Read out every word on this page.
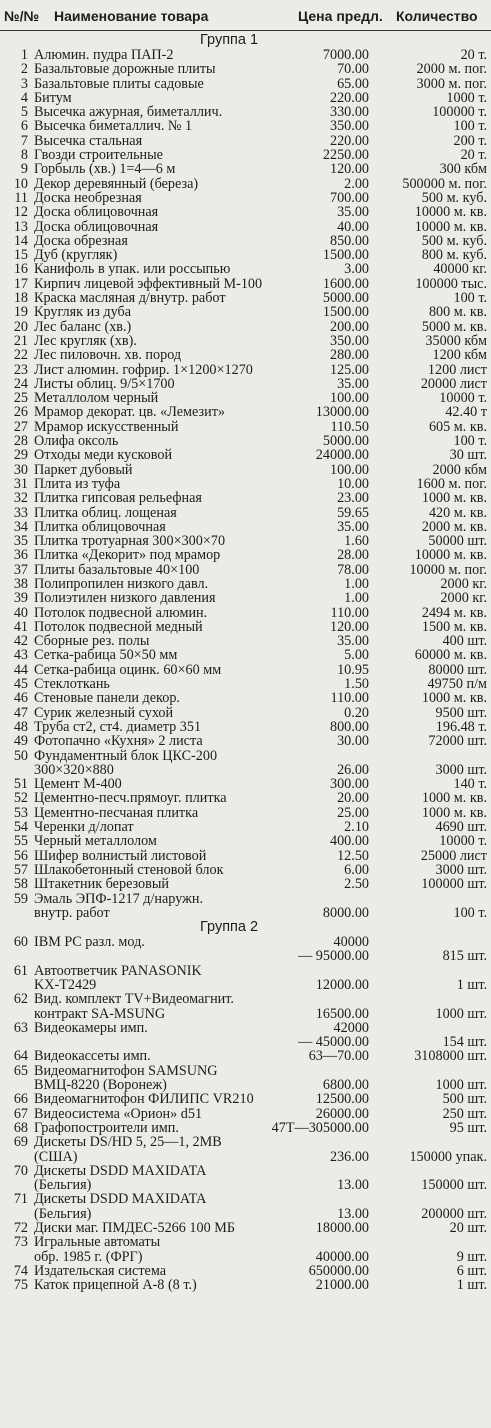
№/№ Наименование товара	Цена предл. Количество
Группа 1
1 Алюмин. пудра ПАП-2	7000.00	20 т.
2 Базальтовые дорожные плиты	70.00	2000 м. пог.
3 Базальтовые плиты садовые	65.00	3000 м. пог.
4 Битум	220.00	1000 т.
5 Высечка ажурная, биметаллич.	330.00	100000 т.
6 Высечка биметаллич. № 1	350.00	100 т.
7 Высечка стальная	220.00	200 т.
8 Гвозди строительные	2250.00	20 т.
9 Горбыль (хв.) 1=4—6 м	120.00	300 кбм
10 Декор деревянный (береза)	2.00 500000 м. пог.
11 Доска необрезная	700.00	500 м. куб.
12 Доска облицовочная	35.00	10000 м. кв.
13 Доска облицовочная	40.00	10000 м. кв.
14 Доска обрезная	850.00	500 м. куб.
15 Дуб (кругляк)	1500.00	800 м. куб.
16 Канифоль в упак. или россыпью	3.00	40000 кг.
17 Кирпич лицевой эффективный М-100	1600.00	100000 тыс.
18 Краска масляная д/внутр. работ	5000.00	100 т.
19 Кругляк из дуба	1500.00	800 м. кв.
20 Лес баланс (хв.)	200.00	5000 м. кв.
21 Лес кругляк (хв).	350.00	35000 кбм
22 Лес пиловочн. хв. пород	280.00	1200 кбм
23 Лист алюмин. гофрир. 1×1200×1270	125.00	1200 лист
24 Листы облиц. 9/5×1700	35.00	20000 лист
25 Металлолом черный	100.00	10000 т.
26 Мрамор декорат. цв. «Лемезит»	13000.00	42.40 т
27 Мрамор искусственный	110.50	605 м. кв.
28 Олифа оксоль	5000.00	100 т.
29 Отходы меди кусковой	24000.00	30 шт.
30 Паркет дубовый	100.00	2000 кбм
31 Плита из туфа	10.00	1600 м. пог.
32 Плитка гипсовая рельефная	23.00	1000 м. кв.
33 Плитка облиц. лощеная	59.65	420 м. кв.
34 Плитка облицовочная	35.00	2000 м. кв.
35 Плитка тротуарная 300×300×70	1.60	50000 шт.
36 Плитка «Декорит» под мрамор	28.00	10000 м. кв.
37 Плиты базальтовые 40×100	78.00	10000 м. пог.
38 Полипропилен низкого давл.	1.00	2000 кг.
39 Полиэтилен низкого давления	1.00	2000 кг.
40 Потолок подвесной алюмин.	110.00	2494 м. кв.
41 Потолок подвесной медный	120.00	1500 м. кв.
42 Сборные рез. полы	35.00	400 шт.
43 Сетка-рабица 50×50 мм	5.00	60000 м. кв.
44 Сетка-рабица оцинк. 60×60 мм	10.95	80000 шт.
45 Стеклоткань	1.50	49750 п/м
46 Стеновые панели декор.	110.00	1000 м. кв.
47 Сурик железный сухой	0.20	9500 шт.
48 Труба ст2, ст4. диаметр 351	800.00	196.48 т.
49 Фотопачно «Кухня» 2 листа	30.00	72000 шт.
50 Фундаментный блок ЦКС-200
300×320×880	26.00	3000 шт.
51 Цемент М-400	300.00	140 т.
52 Цементно-песч.прямоуг. плитка	20.00	1000 м. кв.
53 Цементно-песчаная плитка	25.00	1000 м. кв.
54 Черенки д/лопат	2.10	4690 шт.
55 Черный металлолом	400.00	10000 т.
56 Шифер волнистый листовой	12.50	25000 лист
57 Шлакобетонный стеновой блок	6.00	3000 шт.
58 Штакетник березовый	2.50	100000 шт.
59 Эмаль ЭПФ-1217 д/наружн.
внутр. работ	8000.00	100 т.
Группа 2
60 IBM PC разл. мод.	40000
— 95000.00	815 шт.
61 Автоответчик PANASONIK
KX-T2429	12000.00	1 шт.
62 Вид. комплект TV+Видеомагнит.
контракт SA-MSUNG	16500.00	1000 шт.
63 Видеокамеры имп.	42000
— 45000.00	154 шт.
64 Видеокассеты имп.	63—70.00	3108000 шт.
65 Видеомагнитофон SAMSUNG
ВМЦ-8220 (Воронеж)	6800.00	1000 шт.
66 Видеомагнитофон ФИЛИПС VR210	12500.00	500 шт.
67 Видеосистема «Орион» d51	26000.00	250 шт.
68 Графопостроители имп.	47Т—305000.00	95 шт.
69 Дискеты DS/HD 5, 25—1, 2МВ
(США)	236.00	150000 упак.
70 Дискеты DSDD MAXIDATA
(Бельгия)	13.00	150000 шт.
71 Дискеты DSDD MAXIDATA
(Бельгия)	13.00	200000 шт.
72 Диски маг. ПМДЕС-5266 100 МБ	18000.00	20 шт.
73 Игральные автоматы
обр. 1985 г. (ФРГ)	40000.00	9 шт.
74 Издательская система	650000.00	6 шт.
75 Каток прицепной А-8 (8 т.)	21000.00	1 шт.
